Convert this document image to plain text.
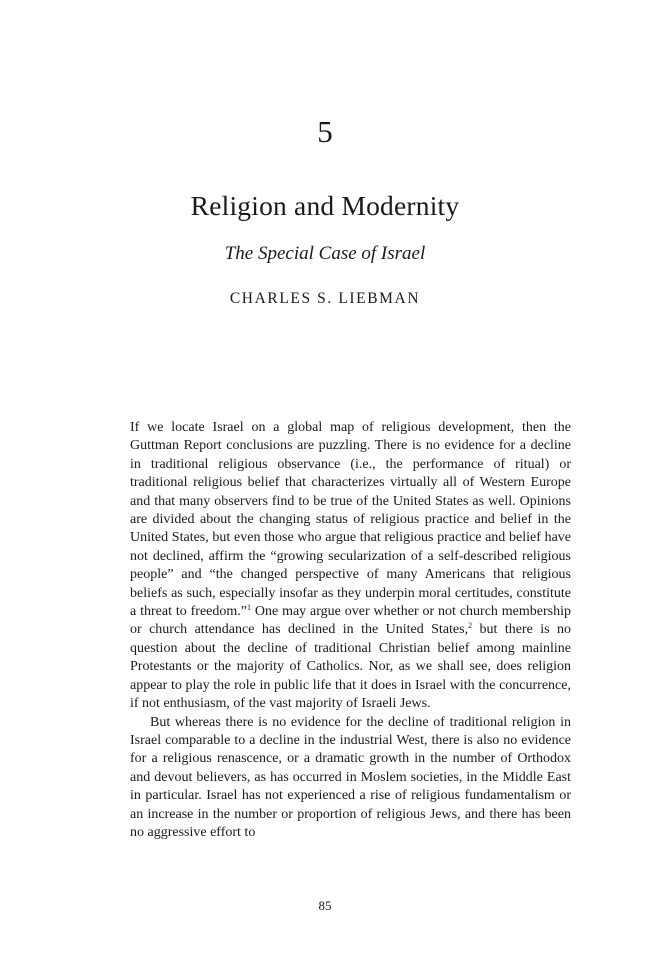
5
Religion and Modernity
The Special Case of Israel
CHARLES S. LIEBMAN

If we locate Israel on a global map of religious development, then the Guttman Report conclusions are puzzling. There is no evidence for a decline in traditional religious observance (i.e., the performance of ritual) or traditional religious belief that characterizes virtually all of Western Europe and that many observers find to be true of the United States as well. Opinions are divided about the changing status of religious practice and belief in the United States, but even those who argue that religious practice and belief have not declined, affirm the “growing secularization of a self-described religious people” and “the changed perspective of many Americans that religious beliefs as such, especially insofar as they underpin moral certitudes, constitute a threat to freedom.”$^1$ One may argue over whether or not church membership or church attendance has declined in the United States,$^2$ but there is no question about the decline of traditional Christian belief among mainline Protestants or the majority of Catholics. Nor, as we shall see, does religion appear to play the role in public life that it does in Israel with the concurrence, if not enthusiasm, of the vast majority of Israeli Jews.

But whereas there is no evidence for the decline of traditional religion in Israel comparable to a decline in the industrial West, there is also no evidence for a religious renascence, or a dramatic growth in the number of Orthodox and devout believers, as has occurred in Moslem societies, in the Middle East in particular. Israel has not experienced a rise of religious fundamentalism or an increase in the number or proportion of religious Jews, and there has been no aggressive effort to

85
